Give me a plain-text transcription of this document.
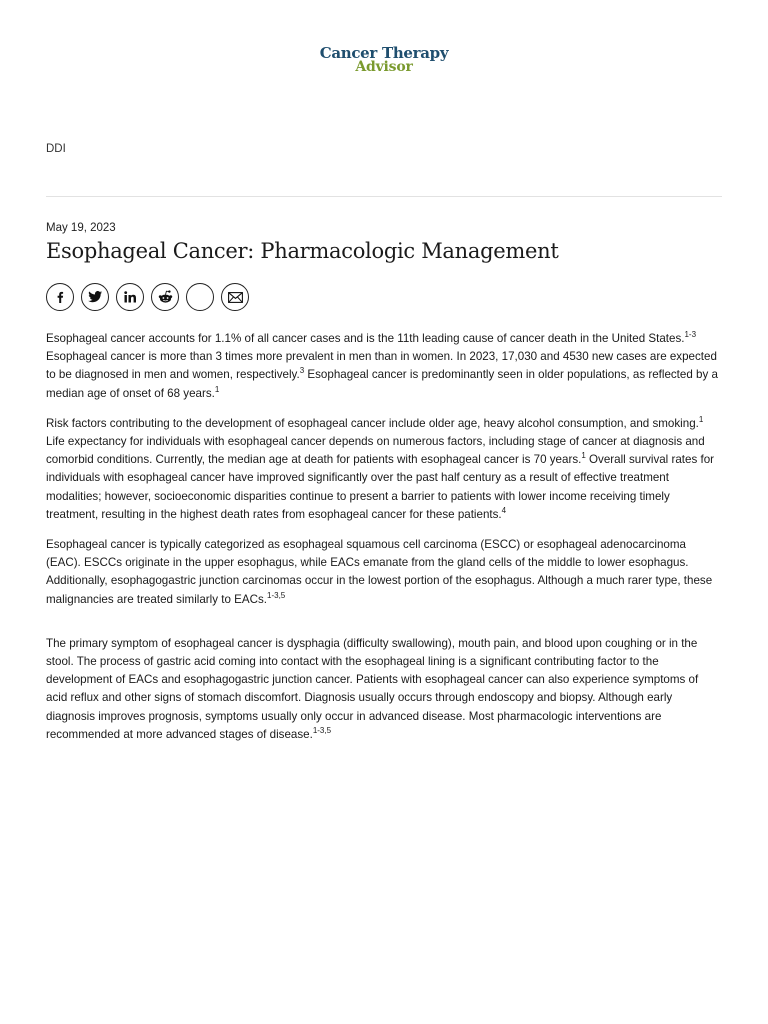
Cancer Therapy
Advisor
DDI
May 19, 2023
Esophageal Cancer: Pharmacologic Management

Esophageal cancer accounts for 1.1% of all cancer cases and is the 11th leading cause of cancer death in the United States.$^{1-3}$ Esophageal cancer is more than 3 times more prevalent in men than in women. In 2023, 17,030 and 4530 new cases are expected to be diagnosed in men and women, respectively.$^3$ Esophageal cancer is predominantly seen in older populations, as reflected by a median age of onset of 68 years.$^1$

Risk factors contributing to the development of esophageal cancer include older age, heavy alcohol consumption, and smoking.$^1$ Life expectancy for individuals with esophageal cancer depends on numerous factors, including stage of cancer at diagnosis and comorbid conditions. Currently, the median age at death for patients with esophageal cancer is 70 years.$^1$ Overall survival rates for individuals with esophageal cancer have improved significantly over the past half century as a result of effective treatment modalities; however, socioeconomic disparities continue to present a barrier to patients with lower income receiving timely treatment, resulting in the highest death rates from esophageal cancer for these patients.$^4$

Esophageal cancer is typically categorized as esophageal squamous cell carcinoma (ESCC) or esophageal adenocarcinoma (EAC). ESCCs originate in the upper esophagus, while EACs emanate from the gland cells of the middle to lower esophagus. Additionally, esophagogastric junction carcinomas occur in the lowest portion of the esophagus. Although a much rarer type, these malignancies are treated similarly to EACs.$^{1-3,5}$

The primary symptom of esophageal cancer is dysphagia (difficulty swallowing), mouth pain, and blood upon coughing or in the stool. The process of gastric acid coming into contact with the esophageal lining is a significant contributing factor to the development of EACs and esophagogastric junction cancer. Patients with esophageal cancer can also experience symptoms of acid reflux and other signs of stomach discomfort. Diagnosis usually occurs through endoscopy and biopsy. Although early diagnosis improves prognosis, symptoms usually only occur in advanced disease. Most pharmacologic interventions are recommended at more advanced stages of disease.$^{1-3,5}$
